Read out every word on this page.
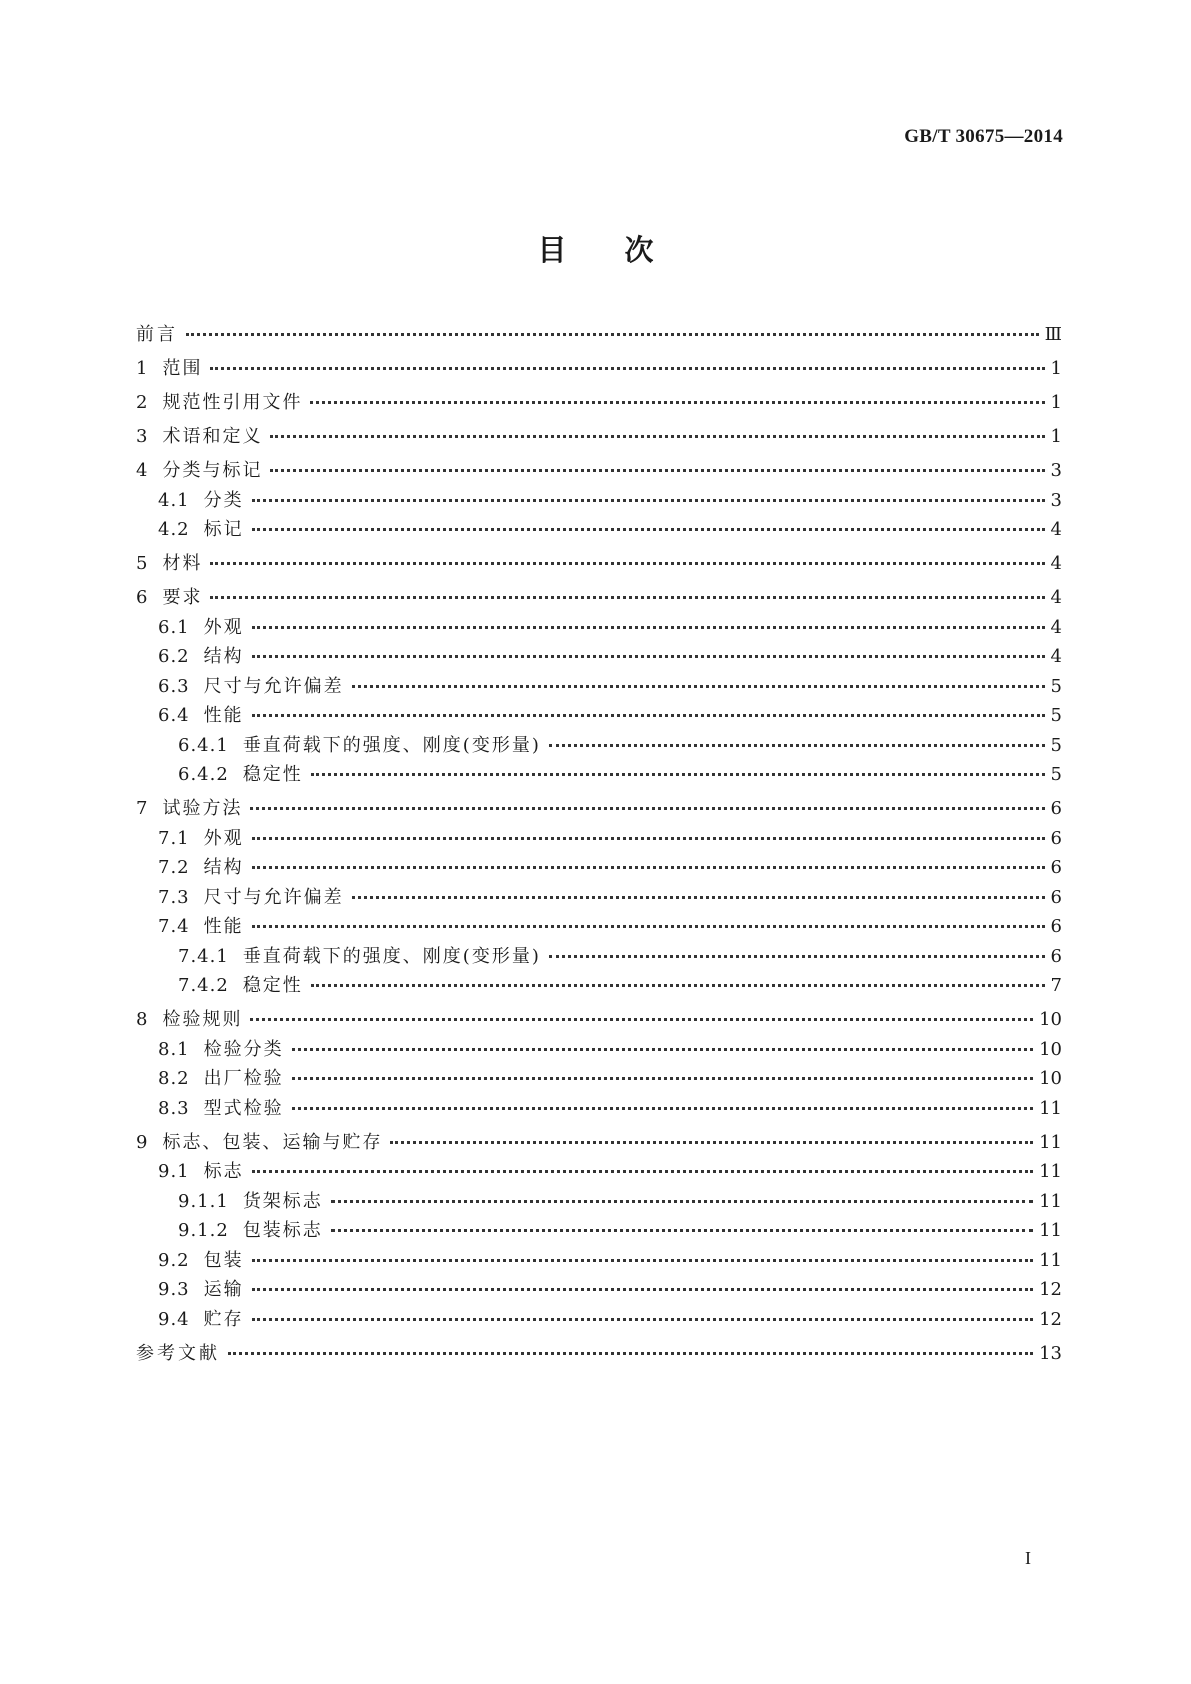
GB/T 30675—2014
目次
前言	Ⅲ
1 范围	1
2 规范性引用文件	1
3 术语和定义	1
4 分类与标记	3
4.1 分类	3
4.2 标记	4
5 材料	4
6 要求	4
6.1 外观	4
6.2 结构	4
6.3 尺寸与允许偏差	5
6.4 性能	5
6.4.1 垂直荷载下的强度、刚度(变形量)	5
6.4.2 稳定性	5
7 试验方法	6
7.1 外观	6
7.2 结构	6
7.3 尺寸与允许偏差	6
7.4 性能	6
7.4.1 垂直荷载下的强度、刚度(变形量)	6
7.4.2 稳定性	7
8 检验规则	10
8.1 检验分类	10
8.2 出厂检验	10
8.3 型式检验	11
9 标志、包装、运输与贮存	11
9.1 标志	11
9.1.1 货架标志	11
9.1.2 包装标志	11
9.2 包装	11
9.3 运输	12
9.4 贮存	12
参考文献	13
I
